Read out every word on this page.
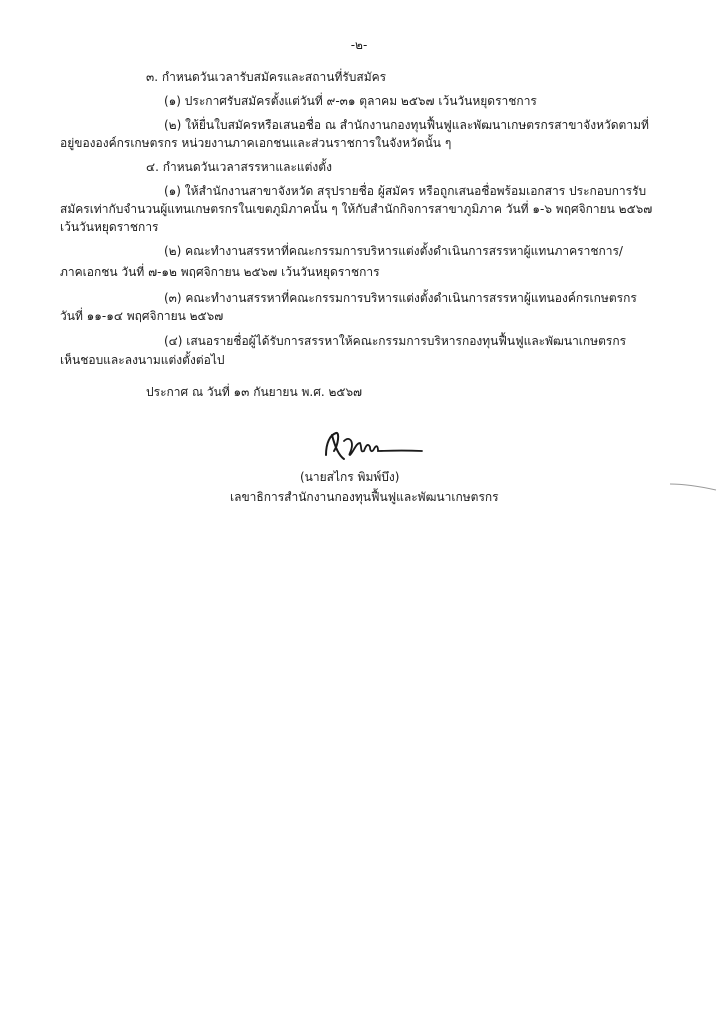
-๒-
๓. กำหนดวันเวลารับสมัครและสถานที่รับสมัคร
(๑) ประกาศรับสมัครตั้งแต่วันที่ ๙-๓๑ ตุลาคม ๒๕๖๗ เว้นวันหยุดราชการ
(๒) ให้ยื่นใบสมัครหรือเสนอชื่อ ณ สำนักงานกองทุนฟื้นฟูและพัฒนาเกษตรกรสาขาจังหวัดตามที่
อยู่ขององค์กรเกษตรกร หน่วยงานภาคเอกชนและส่วนราชการในจังหวัดนั้น ๆ
๔. กำหนดวันเวลาสรรหาและแต่งตั้ง
(๑) ให้สำนักงานสาขาจังหวัด สรุปรายชื่อ ผู้สมัคร หรือถูกเสนอชื่อพร้อมเอกสาร ประกอบการรับ
สมัครเท่ากับจำนวนผู้แทนเกษตรกรในเขตภูมิภาคนั้น ๆ ให้กับสำนักกิจการสาขาภูมิภาค วันที่ ๑-๖ พฤศจิกายน ๒๕๖๗
เว้นวันหยุดราชการ
(๒) คณะทำงานสรรหาที่คณะกรรมการบริหารแต่งตั้งดำเนินการสรรหาผู้แทนภาคราชการ/
ภาคเอกชน วันที่ ๗-๑๒ พฤศจิกายน ๒๕๖๗ เว้นวันหยุดราชการ
(๓) คณะทำงานสรรหาที่คณะกรรมการบริหารแต่งตั้งดำเนินการสรรหาผู้แทนองค์กรเกษตรกร
วันที่ ๑๑-๑๔ พฤศจิกายน ๒๕๖๗
(๔) เสนอรายชื่อผู้ได้รับการสรรหาให้คณะกรรมการบริหารกองทุนฟื้นฟูและพัฒนาเกษตรกร
เห็นชอบและลงนามแต่งตั้งต่อไป
ประกาศ ณ วันที่ ๑๓ กันยายน พ.ศ. ๒๕๖๗
(นายสไกร พิมพ์บึง)
เลขาธิการสำนักงานกองทุนฟื้นฟูและพัฒนาเกษตรกร
